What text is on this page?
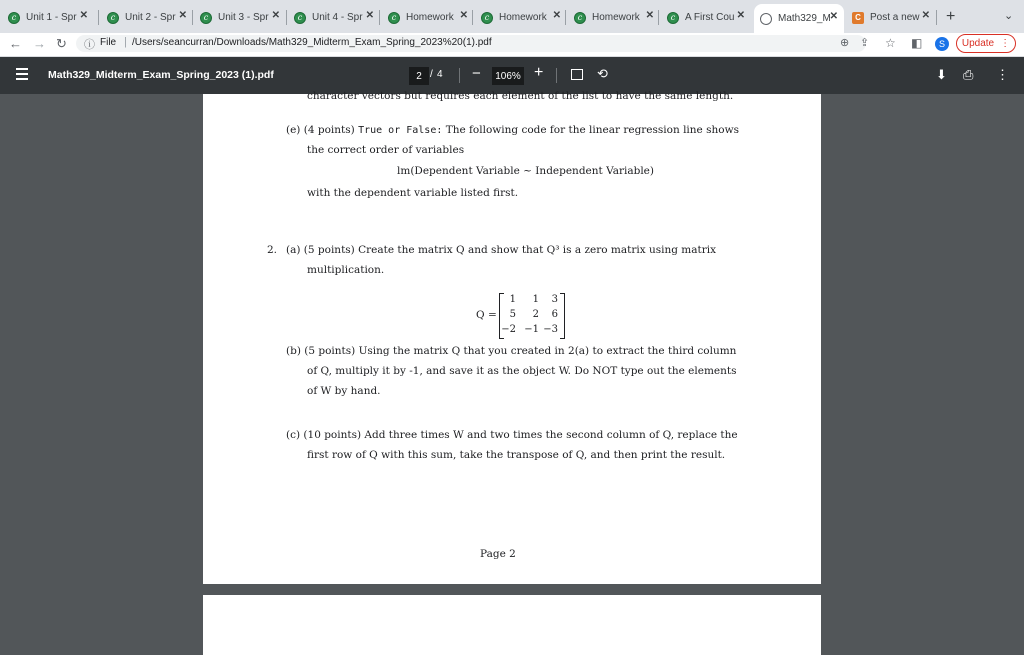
c Unit 1 - Spr ✕	c Unit 2 - Spr ✕	c Unit 3 - Spr ✕	c Unit 4 - Spr ✕	c Homework ✕	c Homework ✕	c Homework ✕	c A First Cou ✕	Math329_M
✕	C Post a new ✕ +	⌄
← → ↻ ⓘ File | /Users/seancurran/Downloads/Math329_Midterm_Exam_Spring_2023%20(1).pdf	⊕ ⇪ ☆ ◧	S	Update ⋮
Math329_Midterm_Exam_Spring_2023 (1).pdf	2 / 4 −	106% +	⟲	⬇ ⎙ ⋮
character vectors but requires each element of the list to have the same length.
(e) (4 points) True or False: The following code for the linear regression line shows
the correct order of variables
lm(Dependent Variable ~ Independent Variable)
with the dependent variable listed first.
2. (a) (5 points) Create the matrix Q and show that Q³ is a zero matrix using matrix
multiplication.
Q =
1	1	3
5	2	6
−2 −1 −3
(b) (5 points) Using the matrix Q that you created in 2(a) to extract the third column
of Q, multiply it by -1, and save it as the object W. Do NOT type out the elements
of W by hand.
(c) (10 points) Add three times W and two times the second column of Q, replace the
first row of Q with this sum, take the transpose of Q, and then print the result.
Page 2
